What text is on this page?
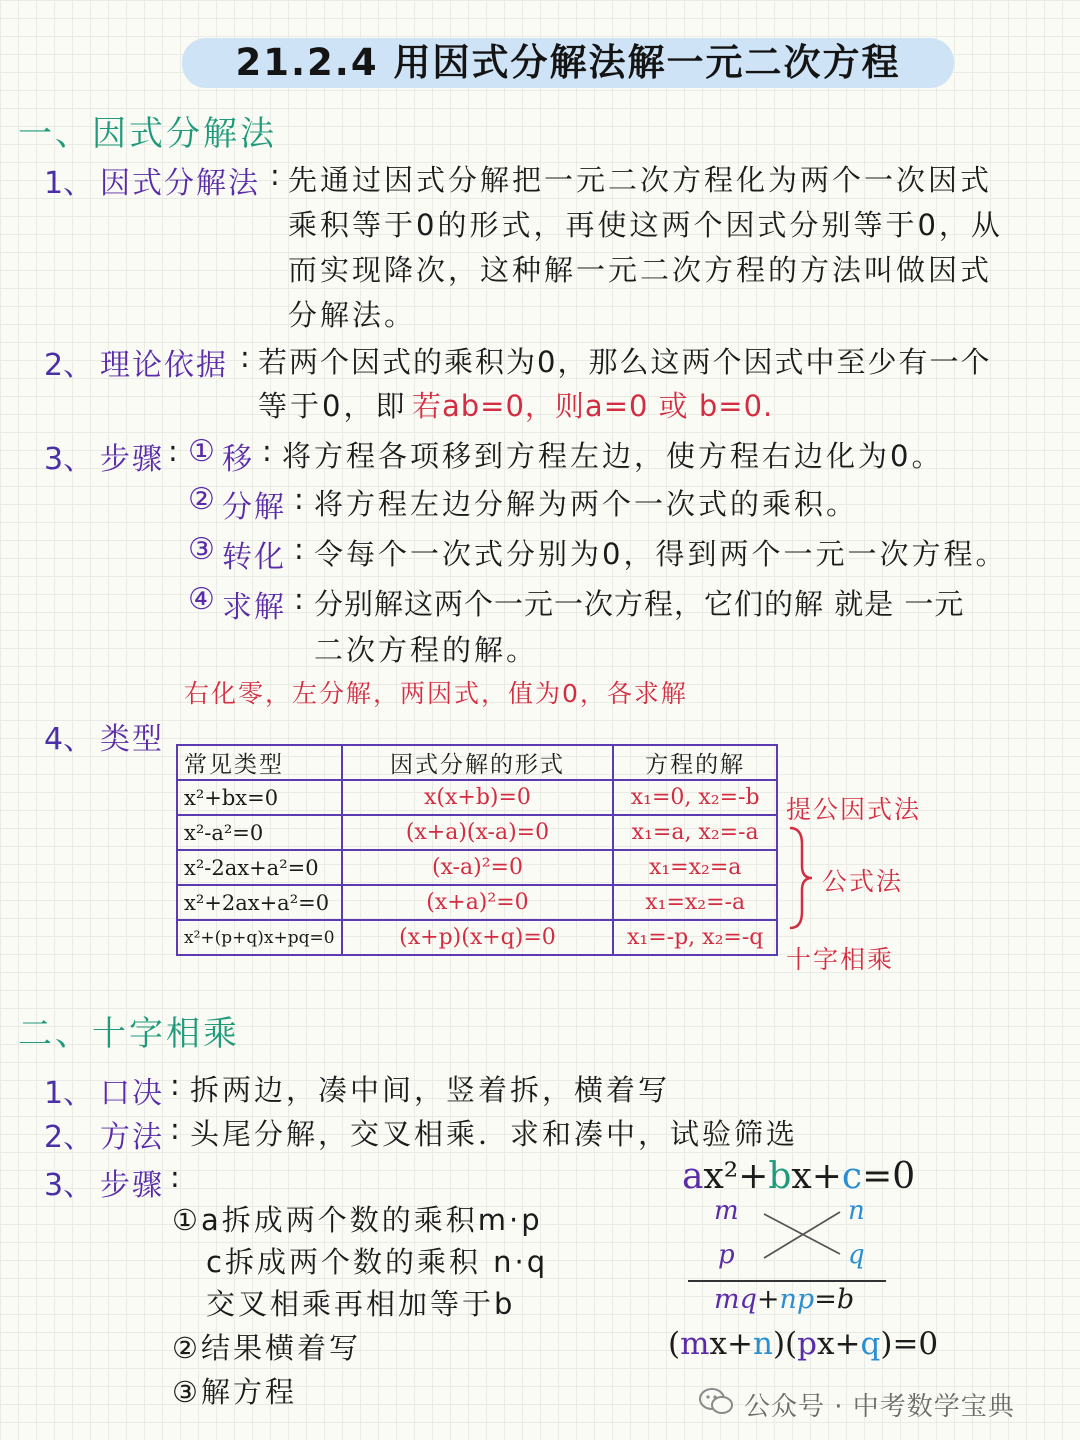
21.2.4 用因式分解法解一元二次方程
一、因式分解法
1、 因式分解法 : 先通过因式分解把一元二次方程化为两个一次因式
乘积等于0的形式，再使这两个因式分别等于0，从
而实现降次，这种解一元二次方程的方法叫做因式
分解法。
2、 理论依据 : 若两个因式的乘积为0，那么这两个因式中至少有一个
等于0，即 若ab=0，则a=0 或 b=0.
3、 步骤 : ① 移 : 将方程各项移到方程左边，使方程右边化为0。
② 分解 : 将方程左边分解为两个一次式的乘积。
③ 转化 : 令每个一次式分别为0，得到两个一元一次方程。
④ 求解 : 分别解这两个一元一次方程，它们的解 就是 一元
二次方程的解。
右化零，左分解，两因式，值为0，各求解
4、 类型
常见类型	因式分解的形式	方程的解
x²+bx=0	x(x+b)=0	x₁=0, x₂=-b
x²-a²=0	(x+a)(x-a)=0	x₁=a, x₂=-a
x²-2ax+a²=0	(x-a)²=0	x₁=x₂=a
x²+2ax+a²=0	(x+a)²=0	x₁=x₂=-a
x²+(p+q)x+pq=0	(x+p)(x+q)=0	x₁=-p, x₂=-q
提公因式法
公式法
十字相乘
二、十字相乘
1、 口决 : 拆两边，凑中间，竖着拆，横着写
2、 方法 : 头尾分解，交叉相乘．求和凑中，试验筛选
3、 步骤 :
①a拆成两个数的乘积m·p
c拆成两个数的乘积 n·q
交叉相乘再相加等于b
②结果横着写
③解方程
ax²+bx+c=0
m	n
p	q
mq+np=b
(mx+n)(px+q)=0
公众号 · 中考数学宝典
